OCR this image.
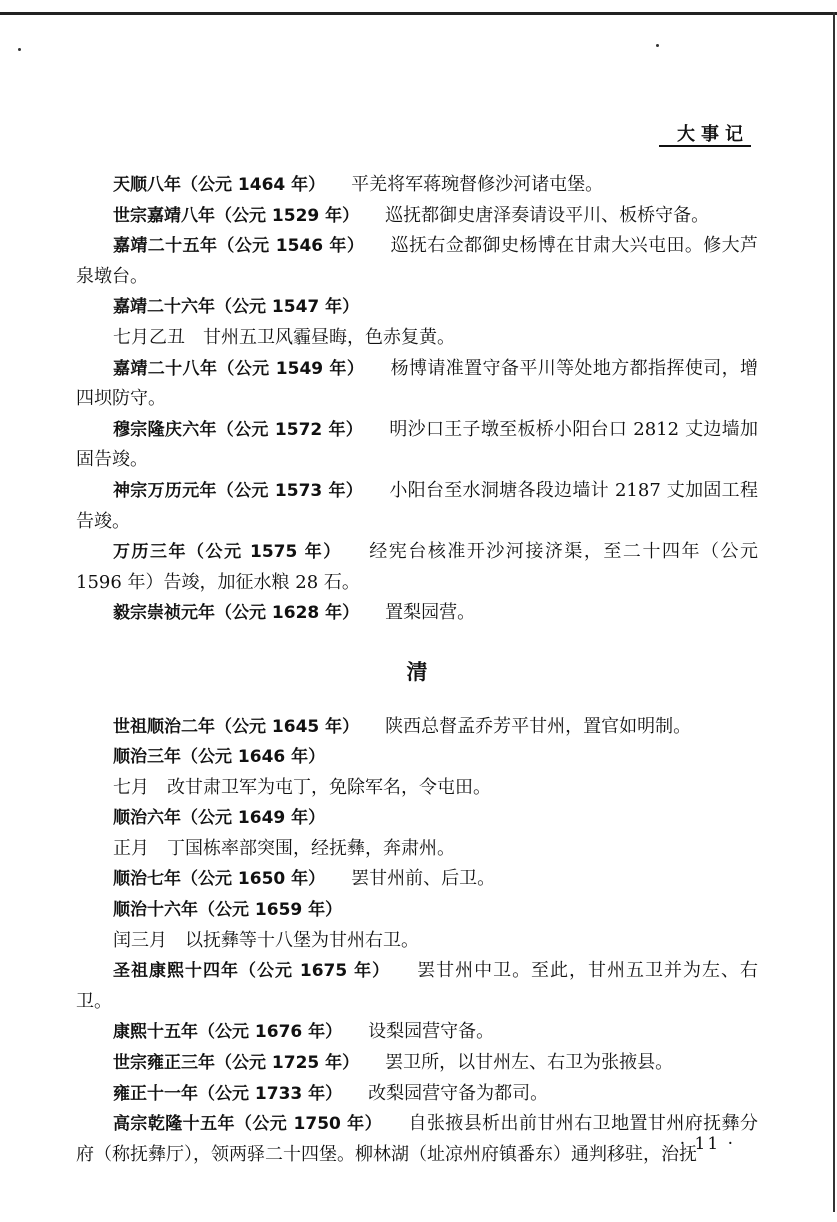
大事记

天顺八年（公元 1464 年） 平羌将军蒋琬督修沙河诸屯堡。

世宗嘉靖八年（公元 1529 年） 巡抚都御史唐泽奏请设平川、板桥守备。

嘉靖二十五年（公元 1546 年） 巡抚右佥都御史杨博在甘肃大兴屯田。修大芦泉墩台。

嘉靖二十六年（公元 1547 年）

七月乙丑　甘州五卫风霾昼晦，色赤复黄。

嘉靖二十八年（公元 1549 年） 杨博请准置守备平川等处地方都指挥使司，增四坝防守。

穆宗隆庆六年（公元 1572 年） 明沙口王子墩至板桥小阳台口 2812 丈边墙加固告竣。

神宗万历元年（公元 1573 年） 小阳台至水洞塘各段边墙计 2187 丈加固工程告竣。

万历三年（公元 1575 年） 经宪台核准开沙河接济渠，至二十四年（公元 1596 年）告竣，加征水粮 28 石。

毅宗崇祯元年（公元 1628 年） 置梨园营。

清

世祖顺治二年（公元 1645 年） 陕西总督孟乔芳平甘州，置官如明制。

顺治三年（公元 1646 年）

七月　改甘肃卫军为屯丁，免除军名，令屯田。

顺治六年（公元 1649 年）

正月　丁国栋率部突围，经抚彝，奔肃州。

顺治七年（公元 1650 年） 罢甘州前、后卫。

顺治十六年（公元 1659 年）

闰三月　以抚彝等十八堡为甘州右卫。

圣祖康熙十四年（公元 1675 年） 罢甘州中卫。至此，甘州五卫并为左、右卫。

康熙十五年（公元 1676 年） 设梨园营守备。

世宗雍正三年（公元 1725 年） 罢卫所，以甘州左、右卫为张掖县。

雍正十一年（公元 1733 年） 改梨园营守备为都司。

高宗乾隆十五年（公元 1750 年） 自张掖县析出前甘州右卫地置甘州府抚彝分府（称抚彝厅），领两驿二十四堡。柳林湖（址凉州府镇番东）通判移驻，治抚

· 11 ·
